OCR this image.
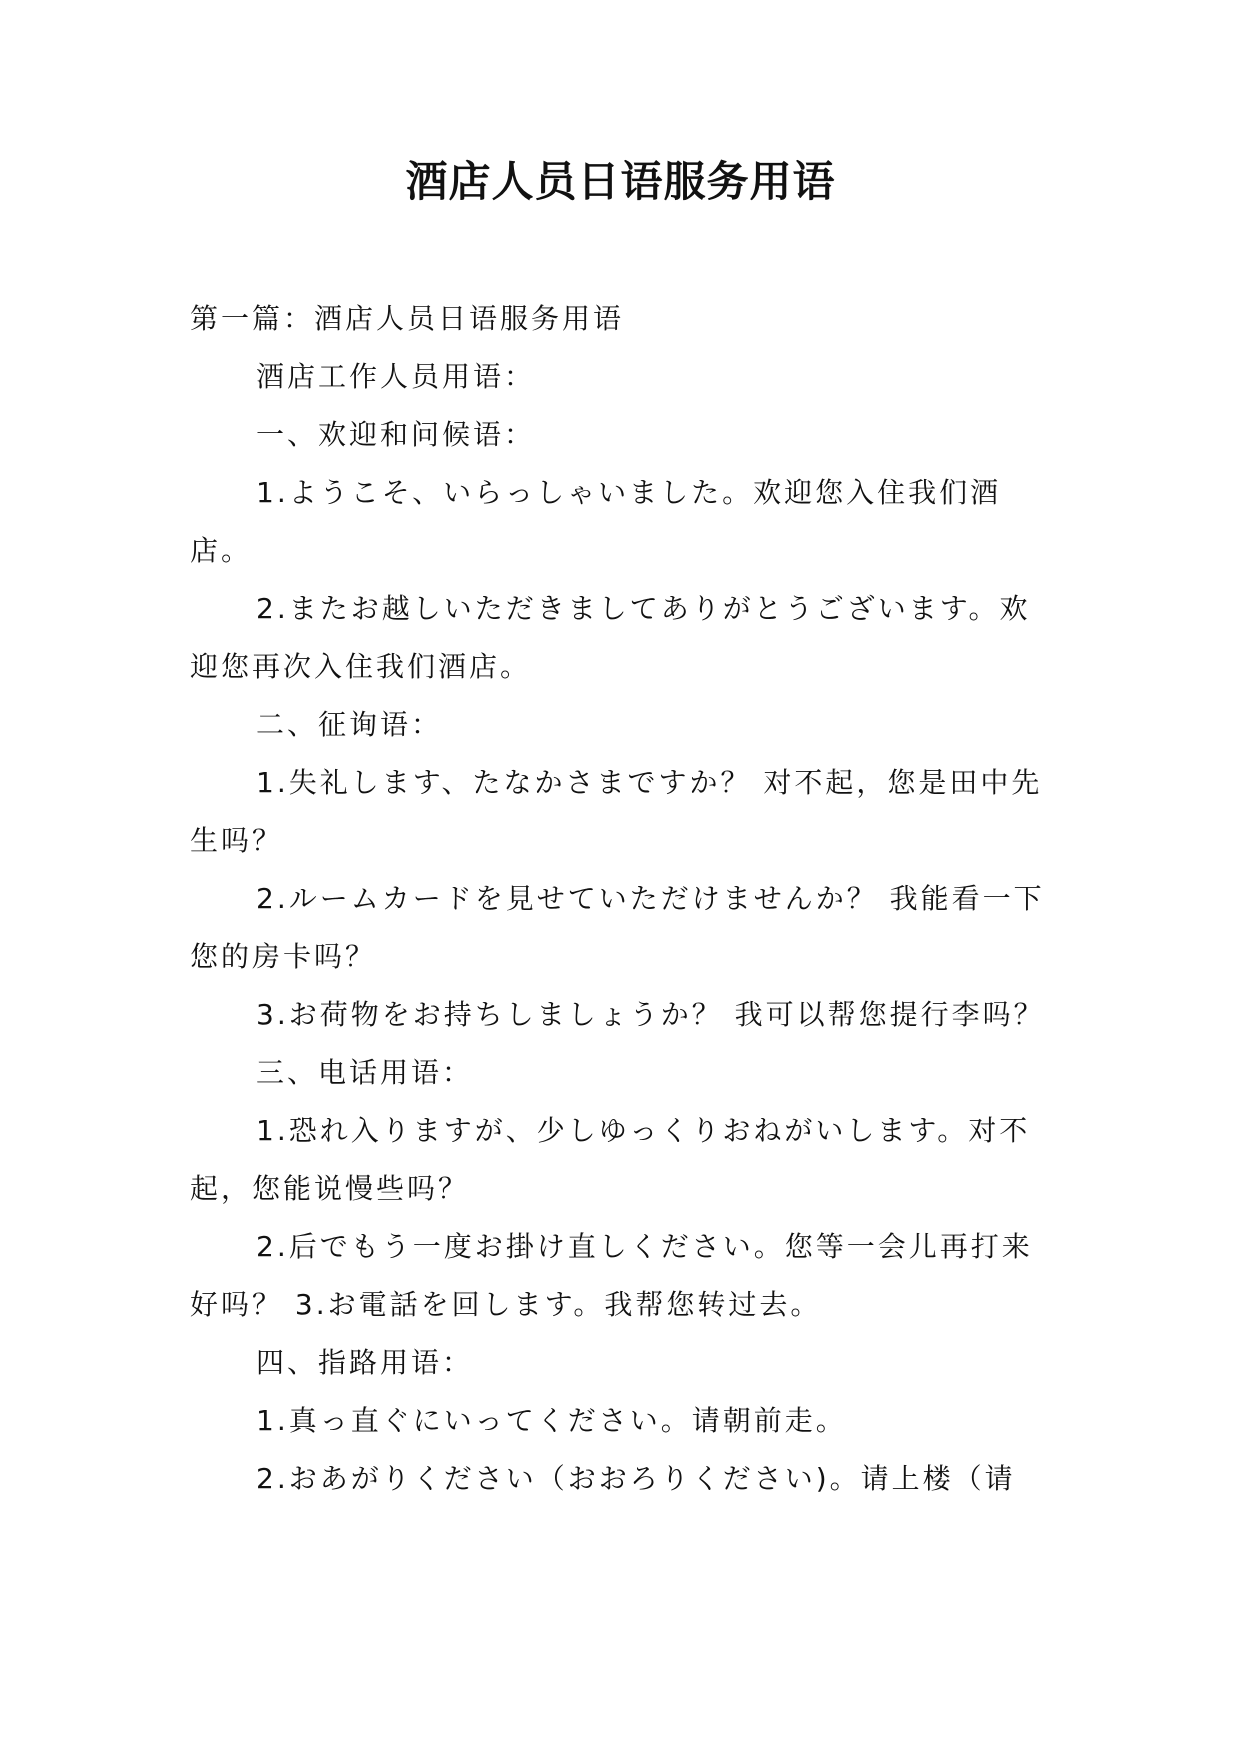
酒店人员日语服务用语

第一篇：酒店人员日语服务用语

酒店工作人员用语：

一、欢迎和问候语：

1.ようこそ、いらっしゃいました。欢迎您入住我们酒店。

2.またお越しいただきましてありがとうございます。欢迎您再次入住我们酒店。

二、征询语：

1.失礼します、たなかさまですか？ 对不起，您是田中先生吗？

2.ルームカードを見せていただけませんか？ 我能看一下您的房卡吗？

3.お荷物をお持ちしましょうか？ 我可以帮您提行李吗？

三、电话用语：

1.恐れ入りますが、少しゆっくりおねがいします。对不起，您能说慢些吗？

2.后でもう一度お掛け直しください。您等一会儿再打来好吗？ 3.お電話を回します。我帮您转过去。

四、指路用语：

1.真っ直ぐにいってください。请朝前走。

2.おあがりください（おおろりください)。请上楼（请
